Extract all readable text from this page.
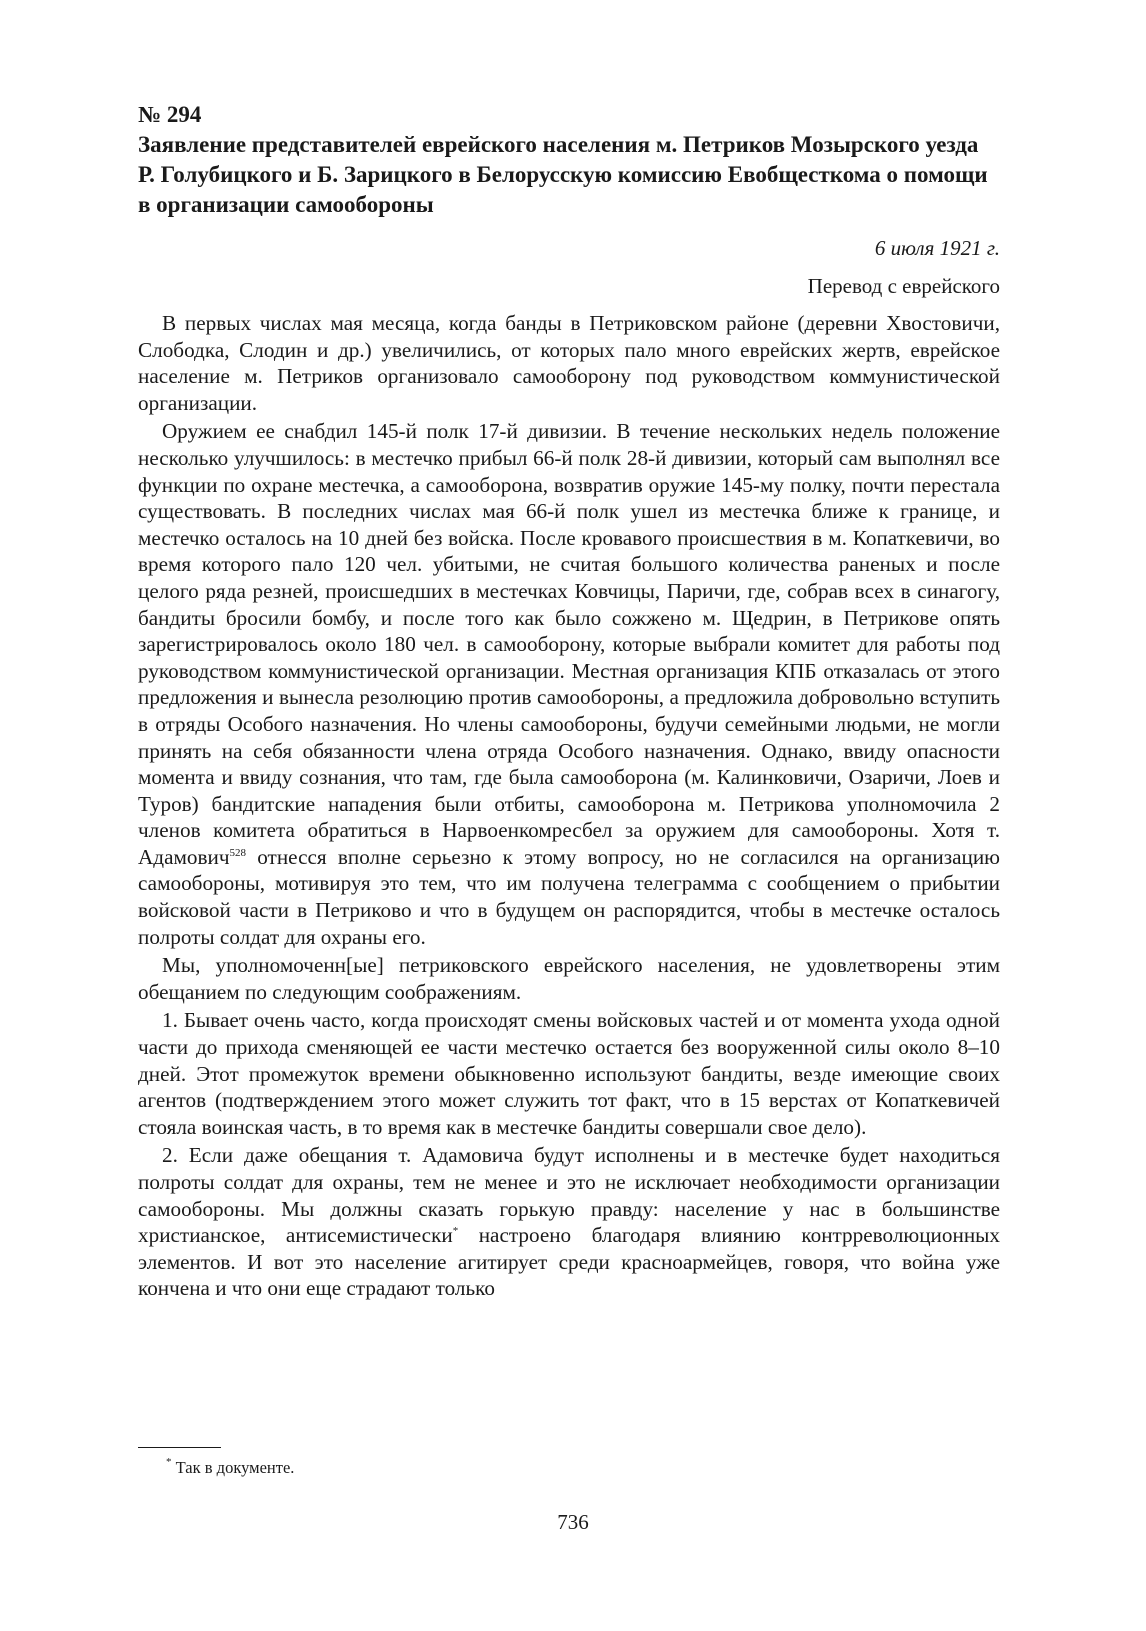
№ 294
Заявление представителей еврейского населения м. Петриков Мозырского уезда Р. Голубицкого и Б. Зарицкого в Белорусскую комиссию Евобщесткома о помощи в организации самообороны
6 июля 1921 г.
Перевод с еврейского

В первых числах мая месяца, когда банды в Петриковском районе (деревни Хвостовичи, Слободка, Слодин и др.) увеличились, от которых пало много еврейских жертв, еврейское население м. Петриков организовало самооборону под руководством коммунистической организации.

Оружием ее снабдил 145-й полк 17-й дивизии. В течение нескольких недель положение несколько улучшилось: в местечко прибыл 66-й полк 28-й дивизии, который сам выполнял все функции по охране местечка, а самооборона, возвратив оружие 145-му полку, почти перестала существовать. В последних числах мая 66-й полк ушел из местечка ближе к границе, и местечко осталось на 10 дней без войска. После кровавого происшествия в м. Копаткевичи, во время которого пало 120 чел. убитыми, не считая большого количества раненых и после целого ряда резней, происшедших в местечках Ковчицы, Паричи, где, собрав всех в синагогу, бандиты бросили бомбу, и после того как было сожжено м. Щедрин, в Петрикове опять зарегистрировалось около 180 чел. в самооборону, которые выбрали комитет для работы под руководством коммунистической организации. Местная организация КПБ отказалась от этого предложения и вынесла резолюцию против самообороны, а предложила добровольно вступить в отряды Особого назначения. Но члены самообороны, будучи семейными людьми, не могли принять на себя обязанности члена отряда Особого назначения. Однако, ввиду опасности момента и ввиду сознания, что там, где была самооборона (м. Калинковичи, Озаричи, Лоев и Туров) бандитские нападения были отбиты, самооборона м. Петрикова уполномочила 2 членов комитета обратиться в Нарвоенкомресбел за оружием для самообороны. Хотя т. Адамович$^{528}$ отнесся вполне серьезно к этому вопросу, но не согласился на организацию самообороны, мотивируя это тем, что им получена телеграмма с сообщением о прибытии войсковой части в Петриково и что в будущем он распорядится, чтобы в местечке осталось полроты солдат для охраны его.

Мы, уполномоченн[ые] петриковского еврейского населения, не удовлетворены этим обещанием по следующим соображениям.

1. Бывает очень часто, когда происходят смены войсковых частей и от момента ухода одной части до прихода сменяющей ее части местечко остается без вооруженной силы около 8–10 дней. Этот промежуток времени обыкновенно используют бандиты, везде имеющие своих агентов (подтверждением этого может служить тот факт, что в 15 верстах от Копаткевичей стояла воинская часть, в то время как в местечке бандиты совершали свое дело).

2. Если даже обещания т. Адамовича будут исполнены и в местечке будет находиться полроты солдат для охраны, тем не менее и это не исключает необходимости организации самообороны. Мы должны сказать горькую правду: население у нас в большинстве христианское, антисемистически* настроено благодаря влиянию контрреволюционных элементов. И вот это население агитирует среди красноармейцев, говоря, что война уже кончена и что они еще страдают только

* Так в документе.
736
